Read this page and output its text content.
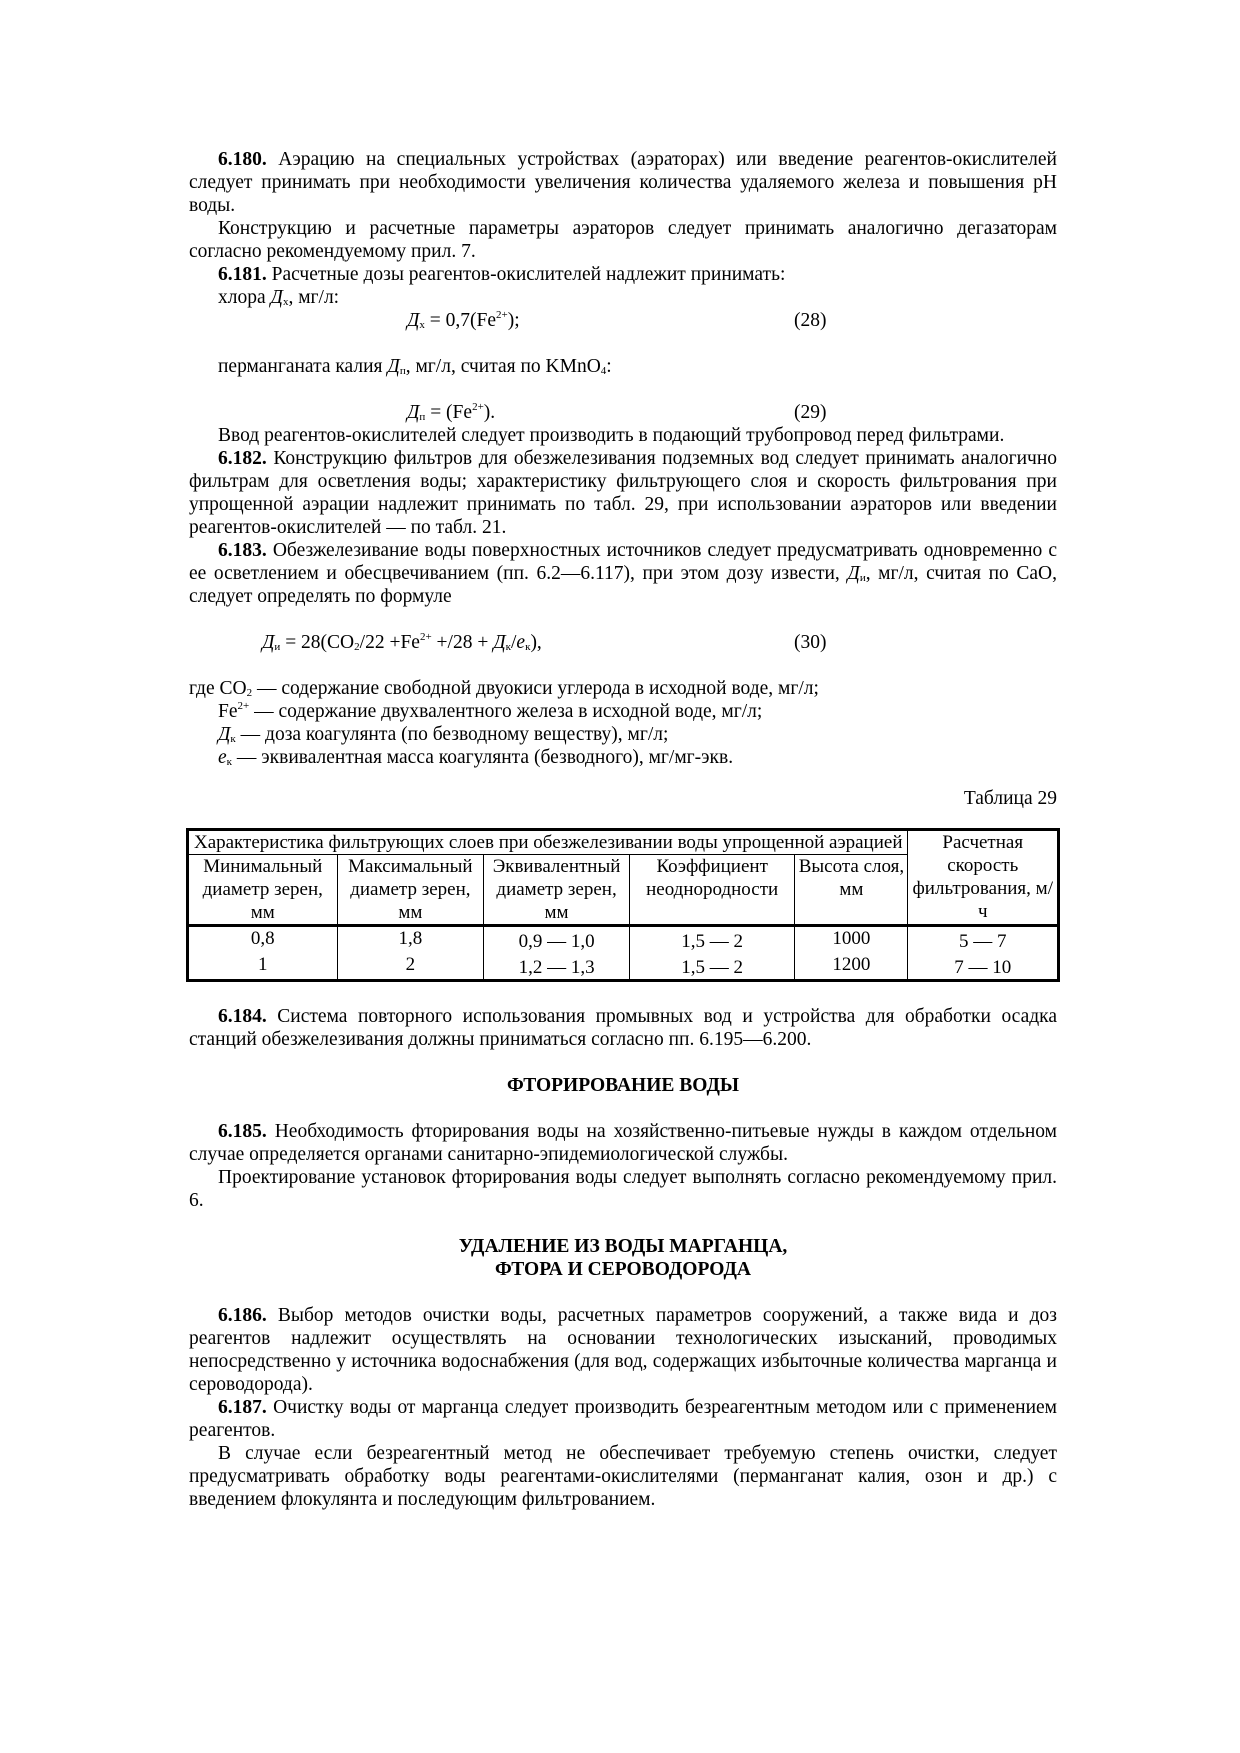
6.180. Аэрацию на специальных устройствах (аэраторах) или введение реагентов-окислителей следует принимать при необходимости увеличения количества удаляемого железа и повышения pH воды.

Конструкцию и расчетные параметры аэраторов следует принимать аналогично дегазаторам согласно рекомендуемому прил. 7.

6.181. Расчетные дозы реагентов-окислителей надлежит принимать:

хлора $Д_х$, мг/л:

$Д_х = 0,7(Fe^{2+})$;	(28)

перманганата калия $Д_п$, мг/л, считая по KMnO$_4$:

$Д_п = (Fe^{2+})$.	(29)

Ввод реагентов-окислителей следует производить в подающий трубопровод перед фильтрами.

6.182. Конструкцию фильтров для обезжелезивания подземных вод следует принимать аналогично фильтрам для осветления воды; характеристику фильтрующего слоя и скорость фильтрования при упрощенной аэрации надлежит принимать по табл. 29, при использовании аэраторов или введении реагентов-окислителей — по табл. 21.

6.183. Обезжелезивание воды поверхностных источников следует предусматривать одновременно с ее осветлением и обесцвечиванием (пп. 6.2—6.117), при этом дозу извести, $Д_и$, мг/л, считая по CaO, следует определять по формуле

$Д_и = 28(CO_2/22 +Fe^{2+} +/28 + Д_к/е_к)$,	(30)

где $CO_2$ — содержание свободной двуокиси углерода в исходной воде, мг/л;

$Fe^{2+}$ — содержание двухвалентного железа в исходной воде, мг/л;

$Д_к$ — доза коагулянта (по безводному веществу), мг/л;

$е_к$ — эквивалентная масса коагулянта (безводного), мг/мг-экв.

Таблица 29

Характеристика фильтрующих слоев при обезжелезивании воды упрощенной аэрацией					Расчетная скорость фильтрования, м/ч
Минимальный диаметр зерен, мм	Максимальный диаметр зерен, мм	Эквивалентный диаметр зерен, мм	Коэффициент неоднородности	Высота слоя, мм	
0,8	1,8	0,9 — 1,0	1,5 — 2	1000	5 — 7
1	2	1,2 — 1,3	1,5 — 2	1200	7 — 10

6.184. Система повторного использования промывных вод и устройства для обработки осадка станций обезжелезивания должны приниматься согласно пп. 6.195—6.200.

ФТОРИРОВАНИЕ ВОДЫ

6.185. Необходимость фторирования воды на хозяйственно-питьевые нужды в каждом отдельном случае определяется органами санитарно-эпидемиологической службы.

Проектирование установок фторирования воды следует выполнять согласно рекомендуемому прил. 6.

УДАЛЕНИЕ ИЗ ВОДЫ МАРГАНЦА,

ФТОРА И СЕРОВОДОРОДА

6.186. Выбор методов очистки воды, расчетных параметров сооружений, а также вида и доз реагентов надлежит осуществлять на основании технологических изысканий, проводимых непосредственно у источника водоснабжения (для вод, содержащих избыточные количества марганца и сероводорода).

6.187. Очистку воды от марганца следует производить безреагентным методом или с применением реагентов.

В случае если безреагентный метод не обеспечивает требуемую степень очистки, следует предусматривать обработку воды реагентами-окислителями (перманганат калия, озон и др.) с введением флокулянта и последующим фильтрованием.
